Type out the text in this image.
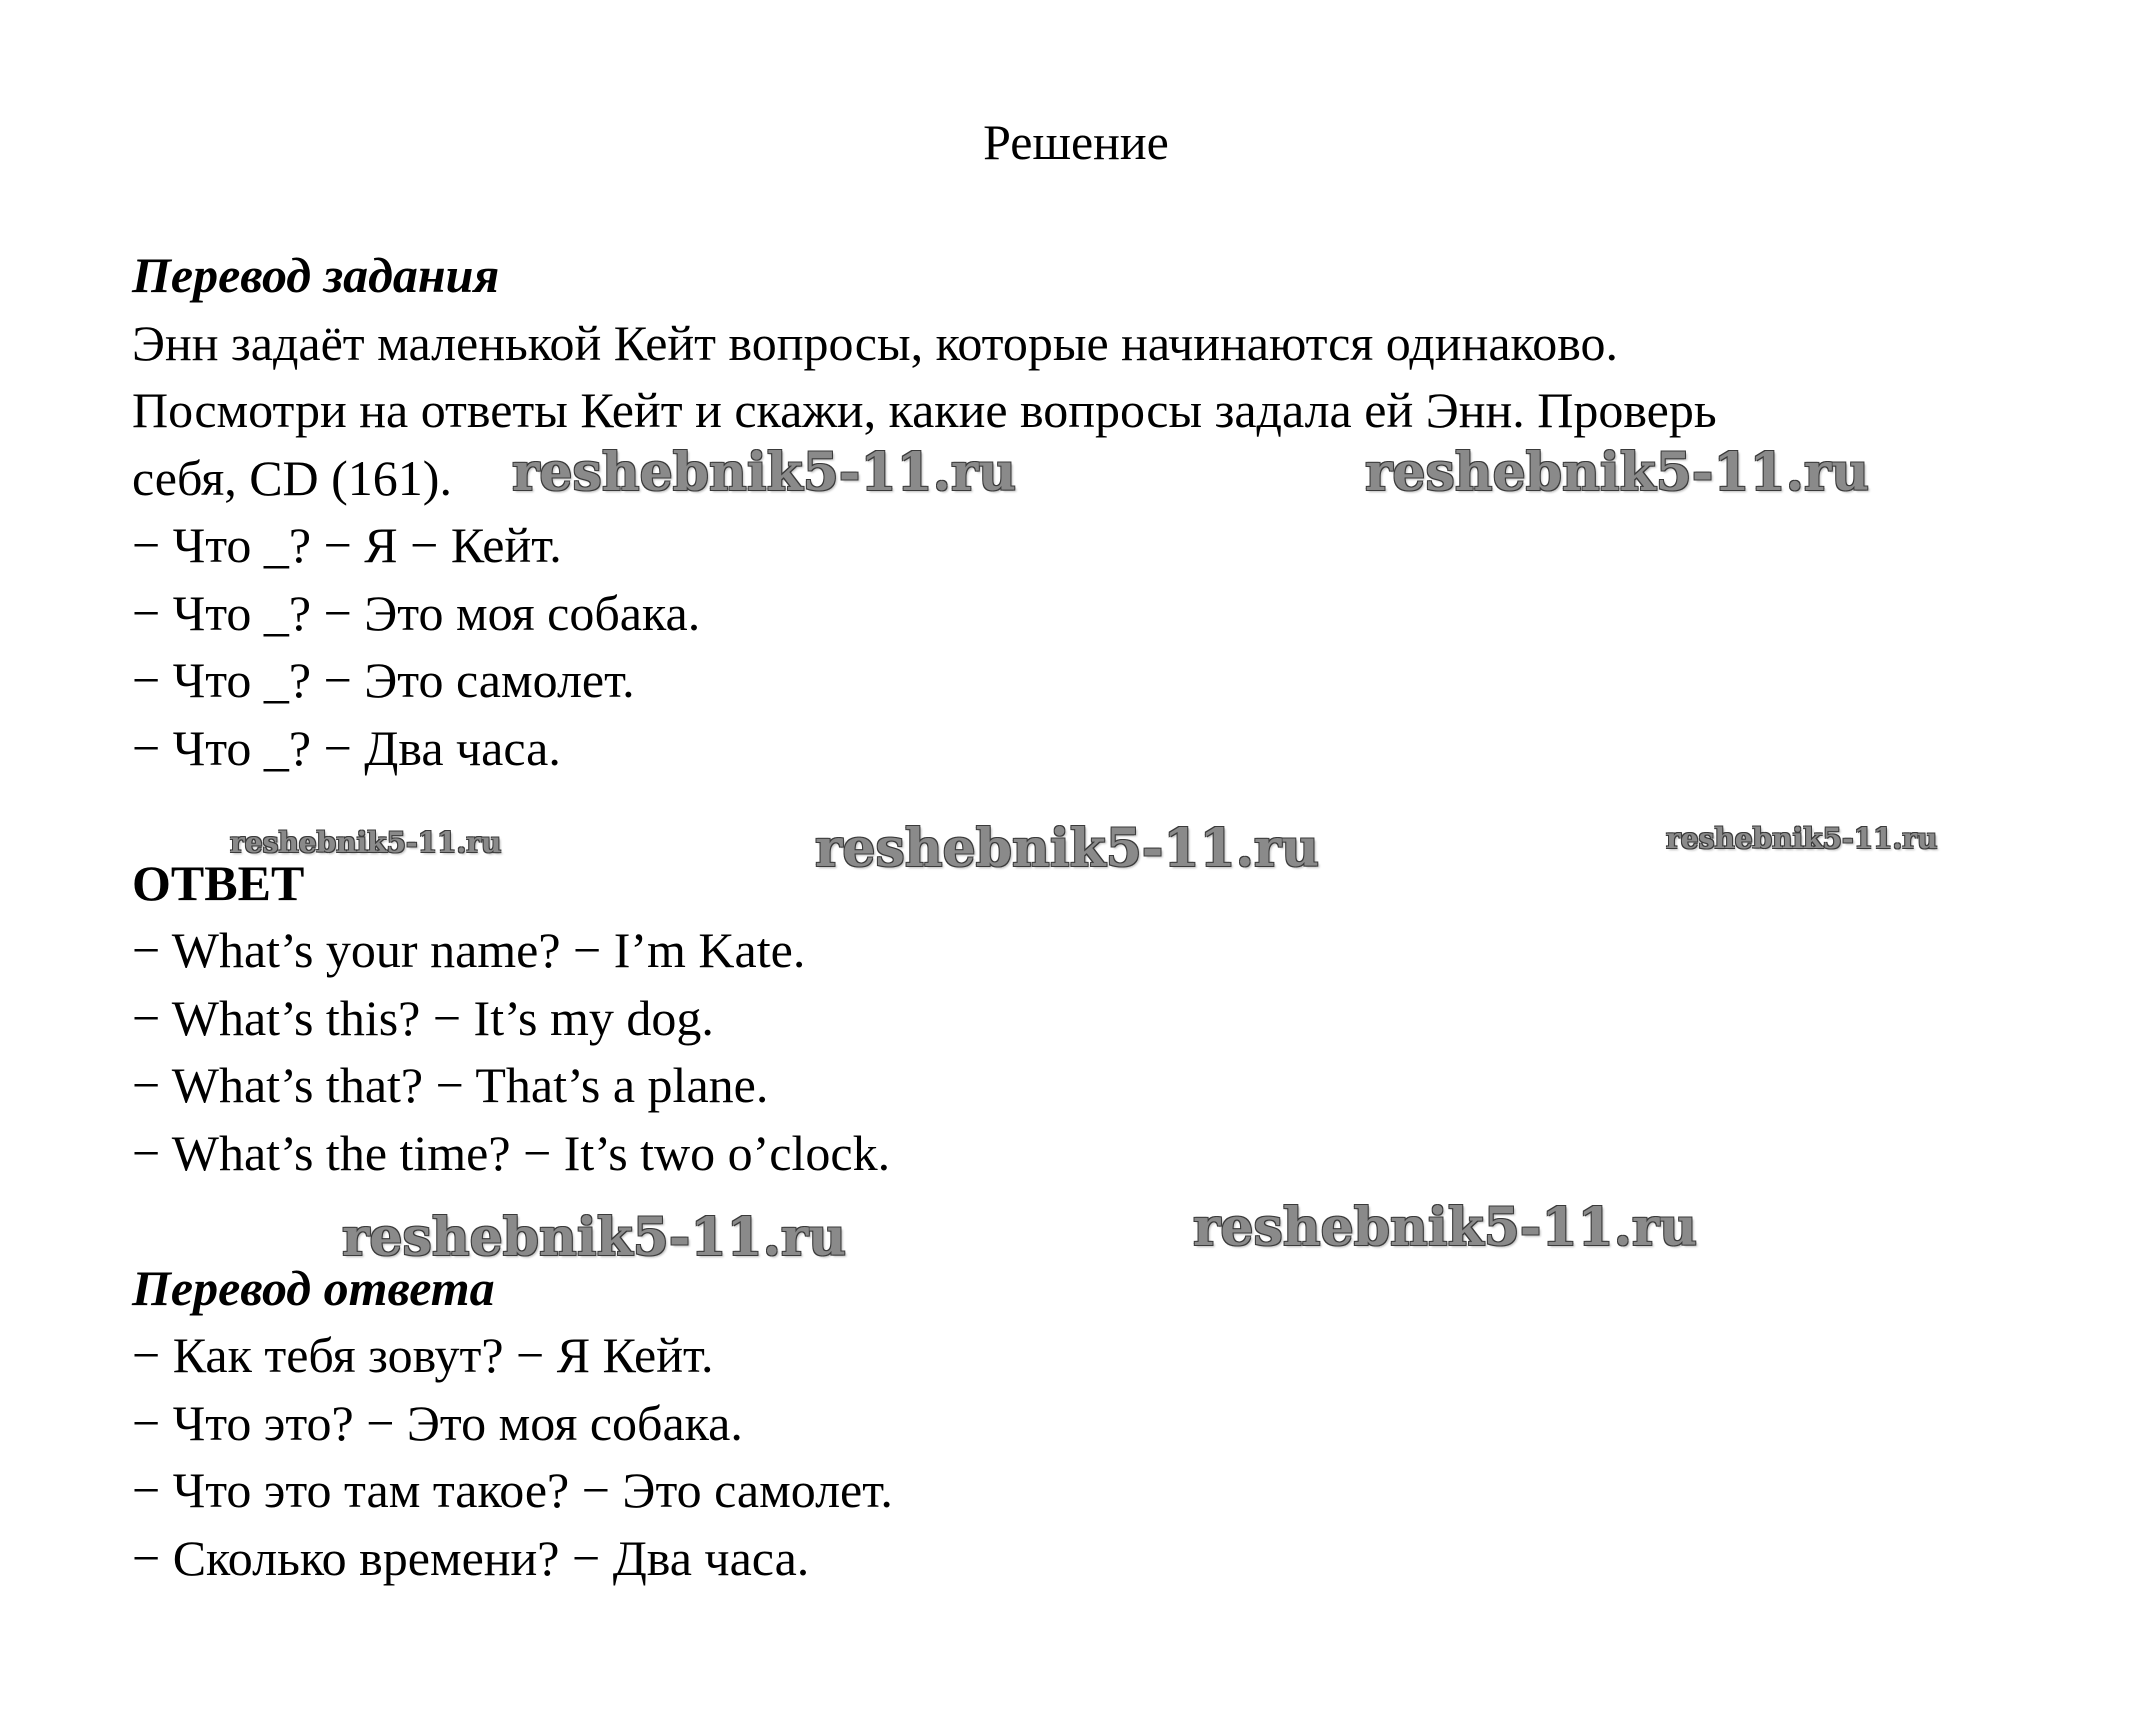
Решение
Перевод задания
Энн задаёт маленькой Кейт вопросы, которые начинаются одинаково.
Посмотри на ответы Кейт и скажи, какие вопросы задала ей Энн. Проверь
себя, CD (161).
− Что _? − Я − Кейт.
− Что _? − Это моя собака.
− Что _? − Это самолет.
− Что _? − Два часа.
ОТВЕТ
− What’s your name? − I’m Kate.
− What’s this? − It’s my dog.
− What’s that? − That’s a plane.
− What’s the time? − It’s two o’clock.
Перевод ответа
− Как тебя зовут? − Я Кейт.
− Что это? − Это моя собака.
− Что это там такое? − Это самолет.
− Сколько времени? − Два часа.
reshebnik5-11.ru	reshebnik5-11.ru
reshebnik5-11.ru	reshebnik5-11.ru	reshebnik5-11.ru
reshebnik5-11.ru	reshebnik5-11.ru
